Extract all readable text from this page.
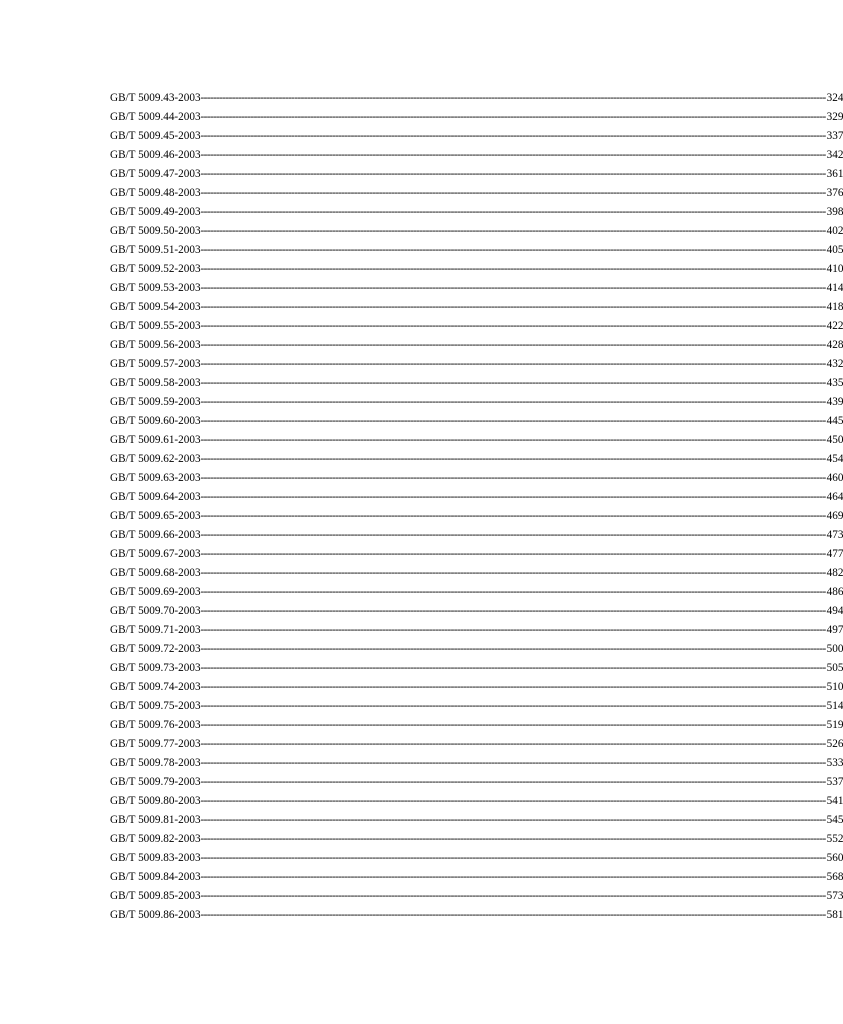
GB/T 5009.43-2003 -------------------------------------------------------------------------------------------------------------------------------------------------------------------------------------------------------- 324
GB/T 5009.44-2003 -------------------------------------------------------------------------------------------------------------------------------------------------------------------------------------------------------- 329
GB/T 5009.45-2003 -------------------------------------------------------------------------------------------------------------------------------------------------------------------------------------------------------- 337
GB/T 5009.46-2003 -------------------------------------------------------------------------------------------------------------------------------------------------------------------------------------------------------- 342
GB/T 5009.47-2003 -------------------------------------------------------------------------------------------------------------------------------------------------------------------------------------------------------- 361
GB/T 5009.48-2003 -------------------------------------------------------------------------------------------------------------------------------------------------------------------------------------------------------- 376
GB/T 5009.49-2003 -------------------------------------------------------------------------------------------------------------------------------------------------------------------------------------------------------- 398
GB/T 5009.50-2003 -------------------------------------------------------------------------------------------------------------------------------------------------------------------------------------------------------- 402
GB/T 5009.51-2003 -------------------------------------------------------------------------------------------------------------------------------------------------------------------------------------------------------- 405
GB/T 5009.52-2003 -------------------------------------------------------------------------------------------------------------------------------------------------------------------------------------------------------- 410
GB/T 5009.53-2003 -------------------------------------------------------------------------------------------------------------------------------------------------------------------------------------------------------- 414
GB/T 5009.54-2003 -------------------------------------------------------------------------------------------------------------------------------------------------------------------------------------------------------- 418
GB/T 5009.55-2003 -------------------------------------------------------------------------------------------------------------------------------------------------------------------------------------------------------- 422
GB/T 5009.56-2003 -------------------------------------------------------------------------------------------------------------------------------------------------------------------------------------------------------- 428
GB/T 5009.57-2003 -------------------------------------------------------------------------------------------------------------------------------------------------------------------------------------------------------- 432
GB/T 5009.58-2003 -------------------------------------------------------------------------------------------------------------------------------------------------------------------------------------------------------- 435
GB/T 5009.59-2003 -------------------------------------------------------------------------------------------------------------------------------------------------------------------------------------------------------- 439
GB/T 5009.60-2003 -------------------------------------------------------------------------------------------------------------------------------------------------------------------------------------------------------- 445
GB/T 5009.61-2003 -------------------------------------------------------------------------------------------------------------------------------------------------------------------------------------------------------- 450
GB/T 5009.62-2003 -------------------------------------------------------------------------------------------------------------------------------------------------------------------------------------------------------- 454
GB/T 5009.63-2003 -------------------------------------------------------------------------------------------------------------------------------------------------------------------------------------------------------- 460
GB/T 5009.64-2003 -------------------------------------------------------------------------------------------------------------------------------------------------------------------------------------------------------- 464
GB/T 5009.65-2003 -------------------------------------------------------------------------------------------------------------------------------------------------------------------------------------------------------- 469
GB/T 5009.66-2003 -------------------------------------------------------------------------------------------------------------------------------------------------------------------------------------------------------- 473
GB/T 5009.67-2003 -------------------------------------------------------------------------------------------------------------------------------------------------------------------------------------------------------- 477
GB/T 5009.68-2003 -------------------------------------------------------------------------------------------------------------------------------------------------------------------------------------------------------- 482
GB/T 5009.69-2003 -------------------------------------------------------------------------------------------------------------------------------------------------------------------------------------------------------- 486
GB/T 5009.70-2003 -------------------------------------------------------------------------------------------------------------------------------------------------------------------------------------------------------- 494
GB/T 5009.71-2003 -------------------------------------------------------------------------------------------------------------------------------------------------------------------------------------------------------- 497
GB/T 5009.72-2003 -------------------------------------------------------------------------------------------------------------------------------------------------------------------------------------------------------- 500
GB/T 5009.73-2003 -------------------------------------------------------------------------------------------------------------------------------------------------------------------------------------------------------- 505
GB/T 5009.74-2003 -------------------------------------------------------------------------------------------------------------------------------------------------------------------------------------------------------- 510
GB/T 5009.75-2003 -------------------------------------------------------------------------------------------------------------------------------------------------------------------------------------------------------- 514
GB/T 5009.76-2003 -------------------------------------------------------------------------------------------------------------------------------------------------------------------------------------------------------- 519
GB/T 5009.77-2003 -------------------------------------------------------------------------------------------------------------------------------------------------------------------------------------------------------- 526
GB/T 5009.78-2003 -------------------------------------------------------------------------------------------------------------------------------------------------------------------------------------------------------- 533
GB/T 5009.79-2003 -------------------------------------------------------------------------------------------------------------------------------------------------------------------------------------------------------- 537
GB/T 5009.80-2003 -------------------------------------------------------------------------------------------------------------------------------------------------------------------------------------------------------- 541
GB/T 5009.81-2003 -------------------------------------------------------------------------------------------------------------------------------------------------------------------------------------------------------- 545
GB/T 5009.82-2003 -------------------------------------------------------------------------------------------------------------------------------------------------------------------------------------------------------- 552
GB/T 5009.83-2003 -------------------------------------------------------------------------------------------------------------------------------------------------------------------------------------------------------- 560
GB/T 5009.84-2003 -------------------------------------------------------------------------------------------------------------------------------------------------------------------------------------------------------- 568
GB/T 5009.85-2003 -------------------------------------------------------------------------------------------------------------------------------------------------------------------------------------------------------- 573
GB/T 5009.86-2003 -------------------------------------------------------------------------------------------------------------------------------------------------------------------------------------------------------- 581
